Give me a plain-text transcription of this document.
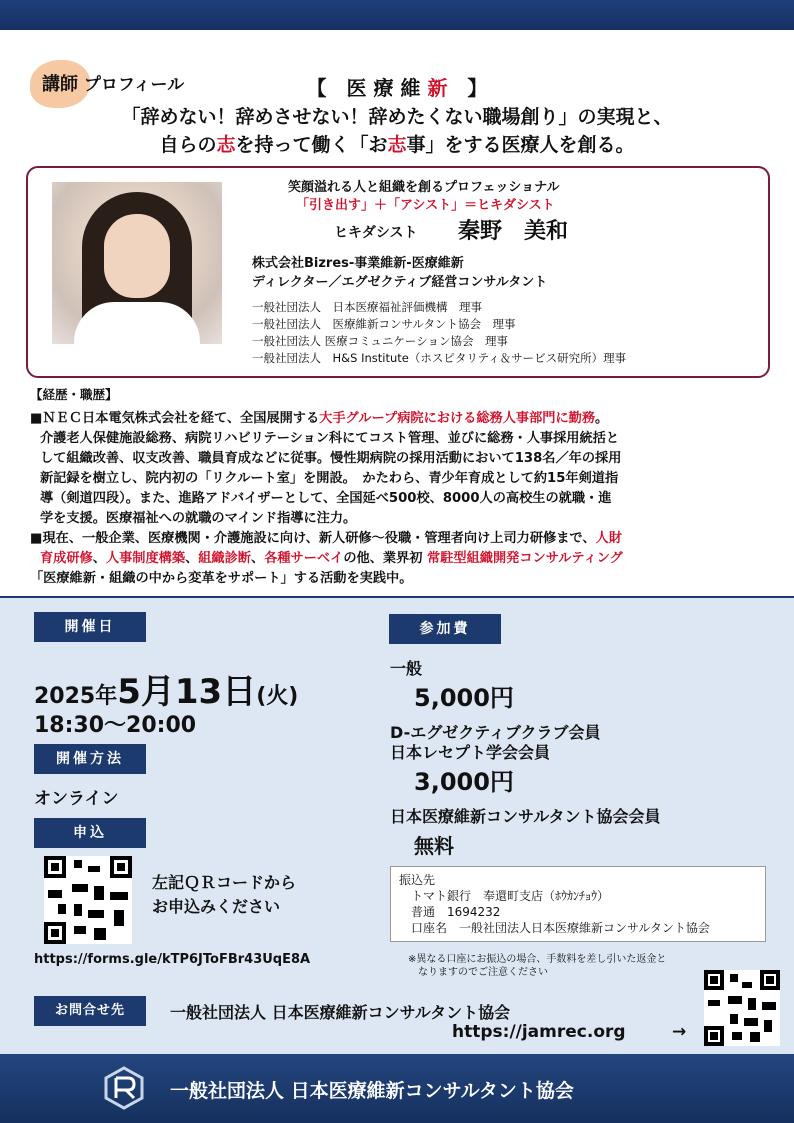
講師 プロフィール	【　医 療 維 新　】
「辞めない！辞めさせない！辞めたくない職場創り」の実現と、
自らの志を持って働く「お志事」をする医療人を創る。
笑顔溢れる人と組織を創るプロフェッショナル
「引き出す」＋「アシスト」＝ヒキダシスト
ヒキダシスト 秦野　美和
株式会社Bizres-事業維新-医療維新
ディレクター／エグゼクティブ経営コンサルタント
一般社団法人　日本医療福祉評価機構　理事
一般社団法人　医療維新コンサルタント協会　理事
一般社団法人 医療コミュニケーション協会　理事
一般社団法人　H&S Institute（ホスピタリティ＆サービス研究所）理事
【経歴・職歴】
■ＮＥＣ日本電気株式会社を経て、全国展開する大手グループ病院における総務人事部門に勤務。
介護老人保健施設総務、病院リハビリテーション科にてコスト管理、並びに総務・人事採用統括と
して組織改善、収支改善、職員育成などに従事。慢性期病院の採用活動において138名／年の採用
新記録を樹立し、院内初の「リクルート室」を開設。　かたわら、青少年育成として約15年剣道指
導（剣道四段）。また、進路アドバイザーとして、全国延べ500校、8000人の高校生の就職・進
学を支援。医療福祉への就職のマインド指導に注力。
■現在、一般企業、医療機関・介護施設に向け、新人研修～役職・管理者向け上司力研修まで、人財
育成研修、人事制度構築、組織診断、各種サーベイの他、業界初 常駐型組織開発コンサルティング
「医療維新・組織の中から変革をサポート」する活動を実践中。
開催日
2025年5月13日(火)
18:30～20:00
開催方法
オンライン
申込
左記ＱＲコードから
お申込みください
https://forms.gle/kTP6JToFBr43UqE8A
参加費
一般
5,000円
D-エグゼクティブクラブ会員
日本レセプト学会会員
3,000円
日本医療維新コンサルタント協会会員
無料
振込先
　トマト銀行　奉還町支店（ﾎｳｶﾝﾁｮｳ）
　普通　1694232
　口座名　一般社団法人日本医療維新コンサルタント協会
※異なる口座にお振込の場合、手数料を差し引いた返金と
　なりますのでご注意ください
お問合せ先	一般社団法人 日本医療維新コンサルタント協会
https://jamrec.org	→
一般社団法人 日本医療維新コンサルタント協会
